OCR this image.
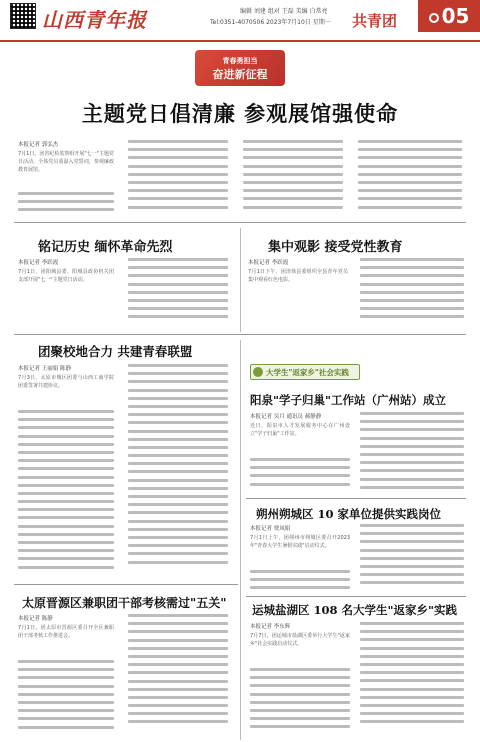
山西青年报	编辑 刘建 组对 王磊 美编 白常亮
Tel:0351-4070506 2023年7月10日 星期一 共青团	05
青春勇担当
奋进新征程
主题党日倡清廉 参观展馆强使命
本报记者 郭弘杰
7月1日，团省纪检监察组开展"七一"主题党日活动，全体党员重温入党誓词，参观廉政教育展馆。
铭记历史 缅怀革命先烈
本报记者 李跃霞
7月1日，团阳城县委、阳城县政协机关团支部开展"七一"主题党日活动。
集中观影 接受党性教育
本报记者 李跃霞
7月1日下午，团清徐县委组织全县青年党员集中观看红色电影。
团聚校地合力 共建青春联盟
本报记者 王丽娟 陈静
7月3日，太原市城区团委与山西工商学院团委签署共建协议。
大学生"返家乡"社会实践
阳泉"学子归巢"工作站（广州站）成立
本报记者 吴月 通讯员 郝静静
近日，阳泉市人才发展服务中心在广州设立"学子归巢"工作站。
朔州朔城区 10 家单位提供实践岗位
本报记者 贾凤娟
7月1日上午，团朔州市朔城区委召开2023年"青春大学生暑假实践"启动仪式。
太原晋源区兼职团干部考核需过"五关"
本报记者 陈静
7月1日，团太原市晋源区委召开全区兼职团干部考核工作推进会。
运城盐湖区 108 名大学生"返家乡"实践
本报记者 李东辉
7月7日，团运城市盐湖区委举行大学生"返家乡"社会实践启动仪式。
